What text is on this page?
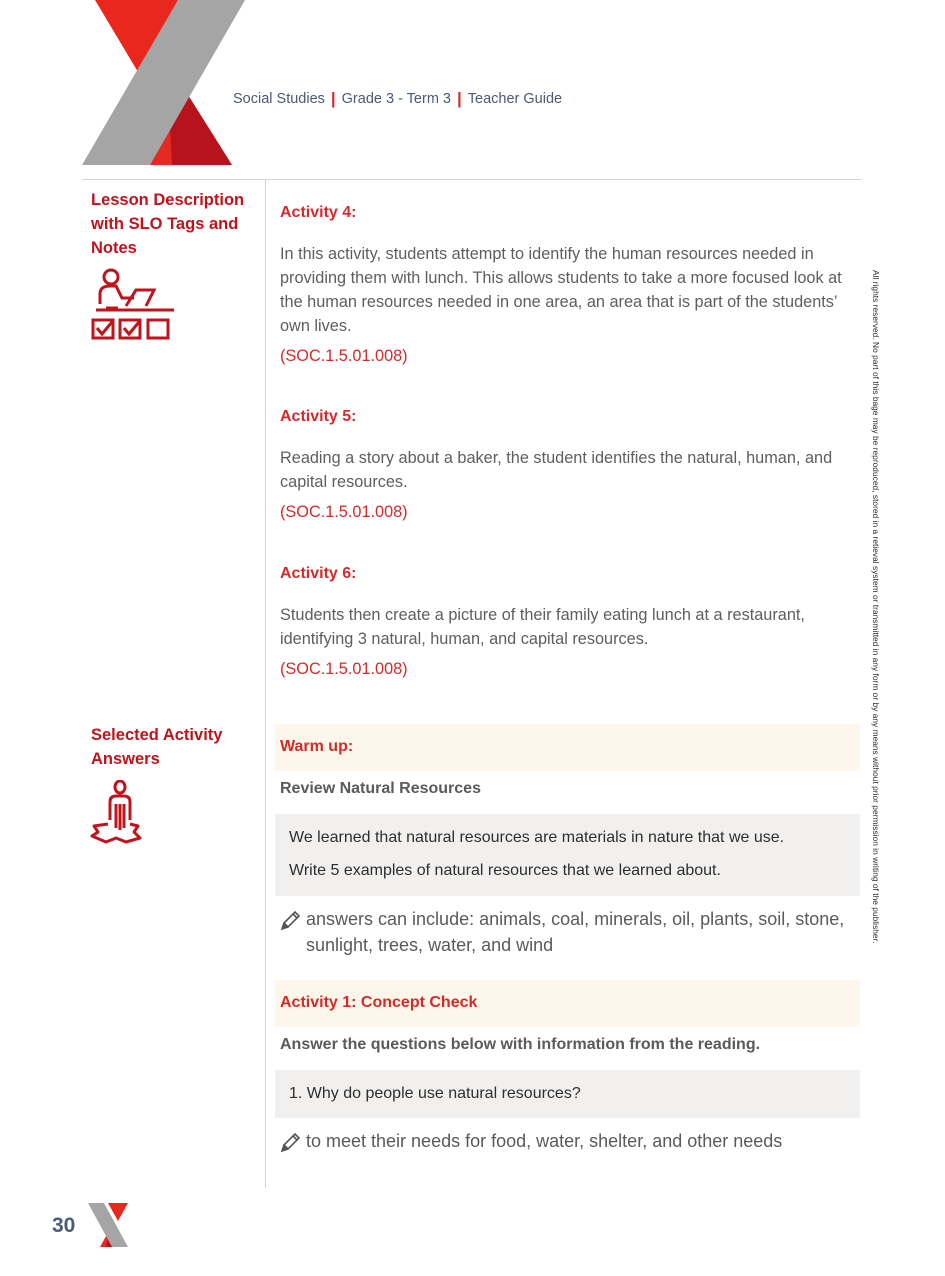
Social Studies | Grade 3 - Term 3 | Teacher Guide
Lesson Description with SLO Tags and Notes
Activity 4:
In this activity, students attempt to identify the human resources needed in providing them with lunch. This allows students to take a more focused look at the human resources needed in one area, an area that is part of the students’ own lives.
(SOC.1.5.01.008)
Activity 5:
Reading a story about a baker, the student identifies the natural, human, and capital resources.
(SOC.1.5.01.008)
Activity 6:
Students then create a picture of their family eating lunch at a restaurant, identifying 3 natural, human, and capital resources.
(SOC.1.5.01.008)
Selected Activity Answers
Warm up:
Review Natural Resources

We learned that natural resources are materials in nature that we use.

Write 5 examples of natural resources that we learned about.

answers can include: animals, coal, minerals, oil, plants, soil, stone, sunlight, trees, water, and wind
Activity 1: Concept Check
Answer the questions below with information from the reading.

1. Why do people use natural resources?

to meet their needs for food, water, shelter, and other needs
All rights reserved. No part of this bage may be reproduced, stored in a retieval system or transmitted in any form or by any means without prior permission in writing of the publisher.
30
